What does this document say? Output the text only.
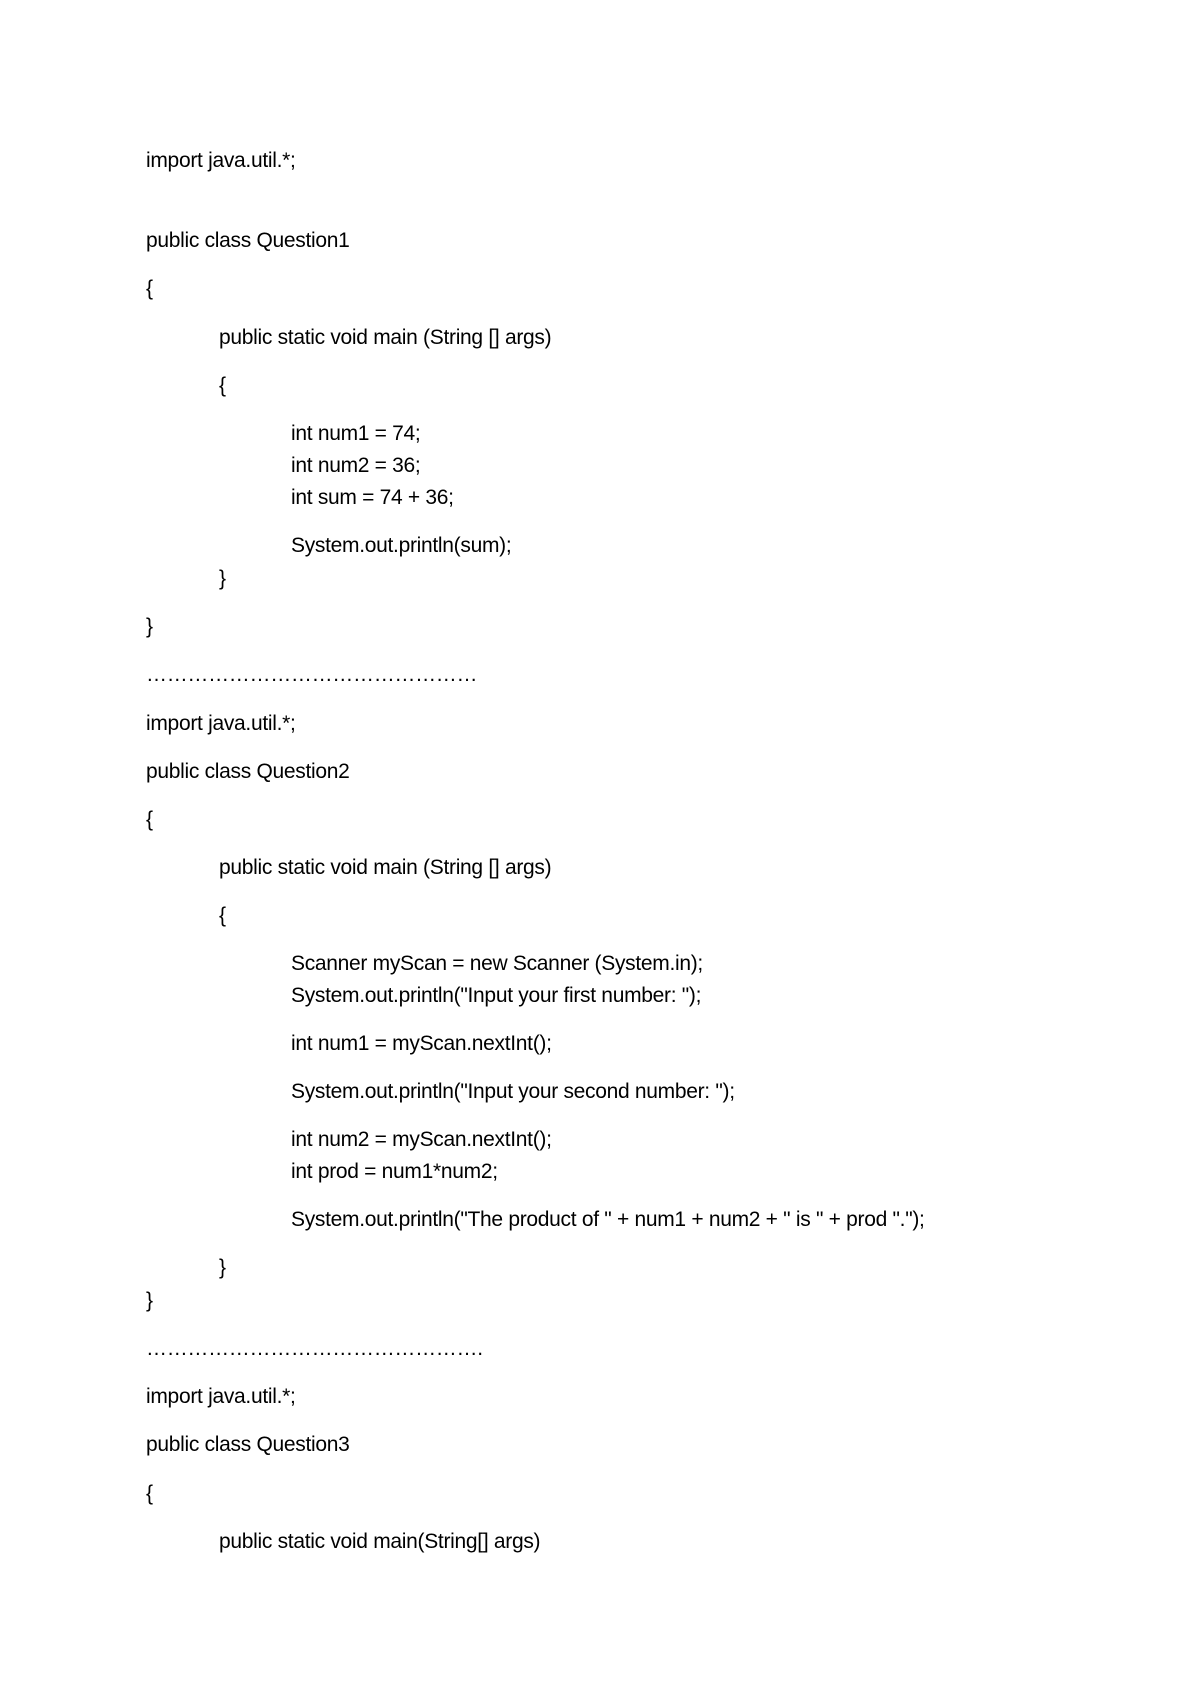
import java.util.*;
public class Question1
{
public static void main (String [] args)
{
int num1 = 74;
int num2 = 36;
int sum = 74 + 36;
System.out.println(sum);
}
}
…………………………………………
import java.util.*;
public class Question2
{
public static void main (String [] args)
{
Scanner myScan = new Scanner (System.in);
System.out.println("Input your first number: ");
int num1 = myScan.nextInt();
System.out.println("Input your second number: ");
int num2 = myScan.nextInt();
int prod = num1*num2;
System.out.println("The product of " + num1 + num2 + " is " + prod ".");
}
}
………………………………………….
import java.util.*;
public class Question3
{
public static void main(String[] args)
